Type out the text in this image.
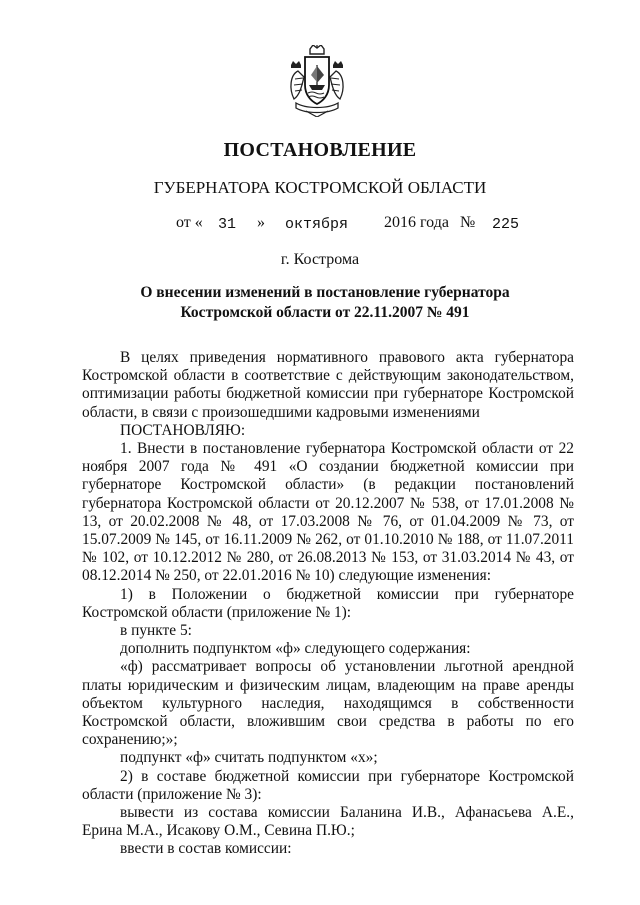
ПОСТАНОВЛЕНИЕ
ГУБЕРНАТОРА КОСТРОМСКОЙ ОБЛАСТИ
от « 31 » октября 2016 года № 225
г. Кострома
О внесении изменений в постановление губернатора
Костромской области от 22.11.2007 № 491

В целях приведения нормативного правового акта губернатора Костромской области в соответствие с действующим законодательством, оптимизации работы бюджетной комиссии при губернаторе Костромской области, в связи с произошедшими кадровыми изменениями

ПОСТАНОВЛЯЮ:

1. Внести в постановление губернатора Костромской области от 22 ноября 2007 года № 491 «О создании бюджетной комиссии при губернаторе Костромской области» (в редакции постановлений губернатора Костромской области от 20.12.2007 № 538, от 17.01.2008 № 13, от 20.02.2008 № 48, от 17.03.2008 № 76, от 01.04.2009 № 73, от 15.07.2009 № 145, от 16.11.2009 № 262, от 01.10.2010 № 188, от 11.07.2011 № 102, от 10.12.2012 № 280, от 26.08.2013 № 153, от 31.03.2014 № 43, от 08.12.2014 № 250, от 22.01.2016 № 10) следующие изменения:

1) в Положении о бюджетной комиссии при губернаторе Костромской области (приложение № 1):

в пункте 5:

дополнить подпунктом «ф» следующего содержания:

«ф) рассматривает вопросы об установлении льготной арендной платы юридическим и физическим лицам, владеющим на праве аренды объектом культурного наследия, находящимся в собственности Костромской области, вложившим свои средства в работы по его сохранению;»;

подпункт «ф» считать подпунктом «х»;

2) в составе бюджетной комиссии при губернаторе Костромской области (приложение № 3):

вывести из состава комиссии Баланина И.В., Афанасьева А.Е., Ерина М.А., Исакову О.М., Севина П.Ю.;

ввести в состав комиссии:
